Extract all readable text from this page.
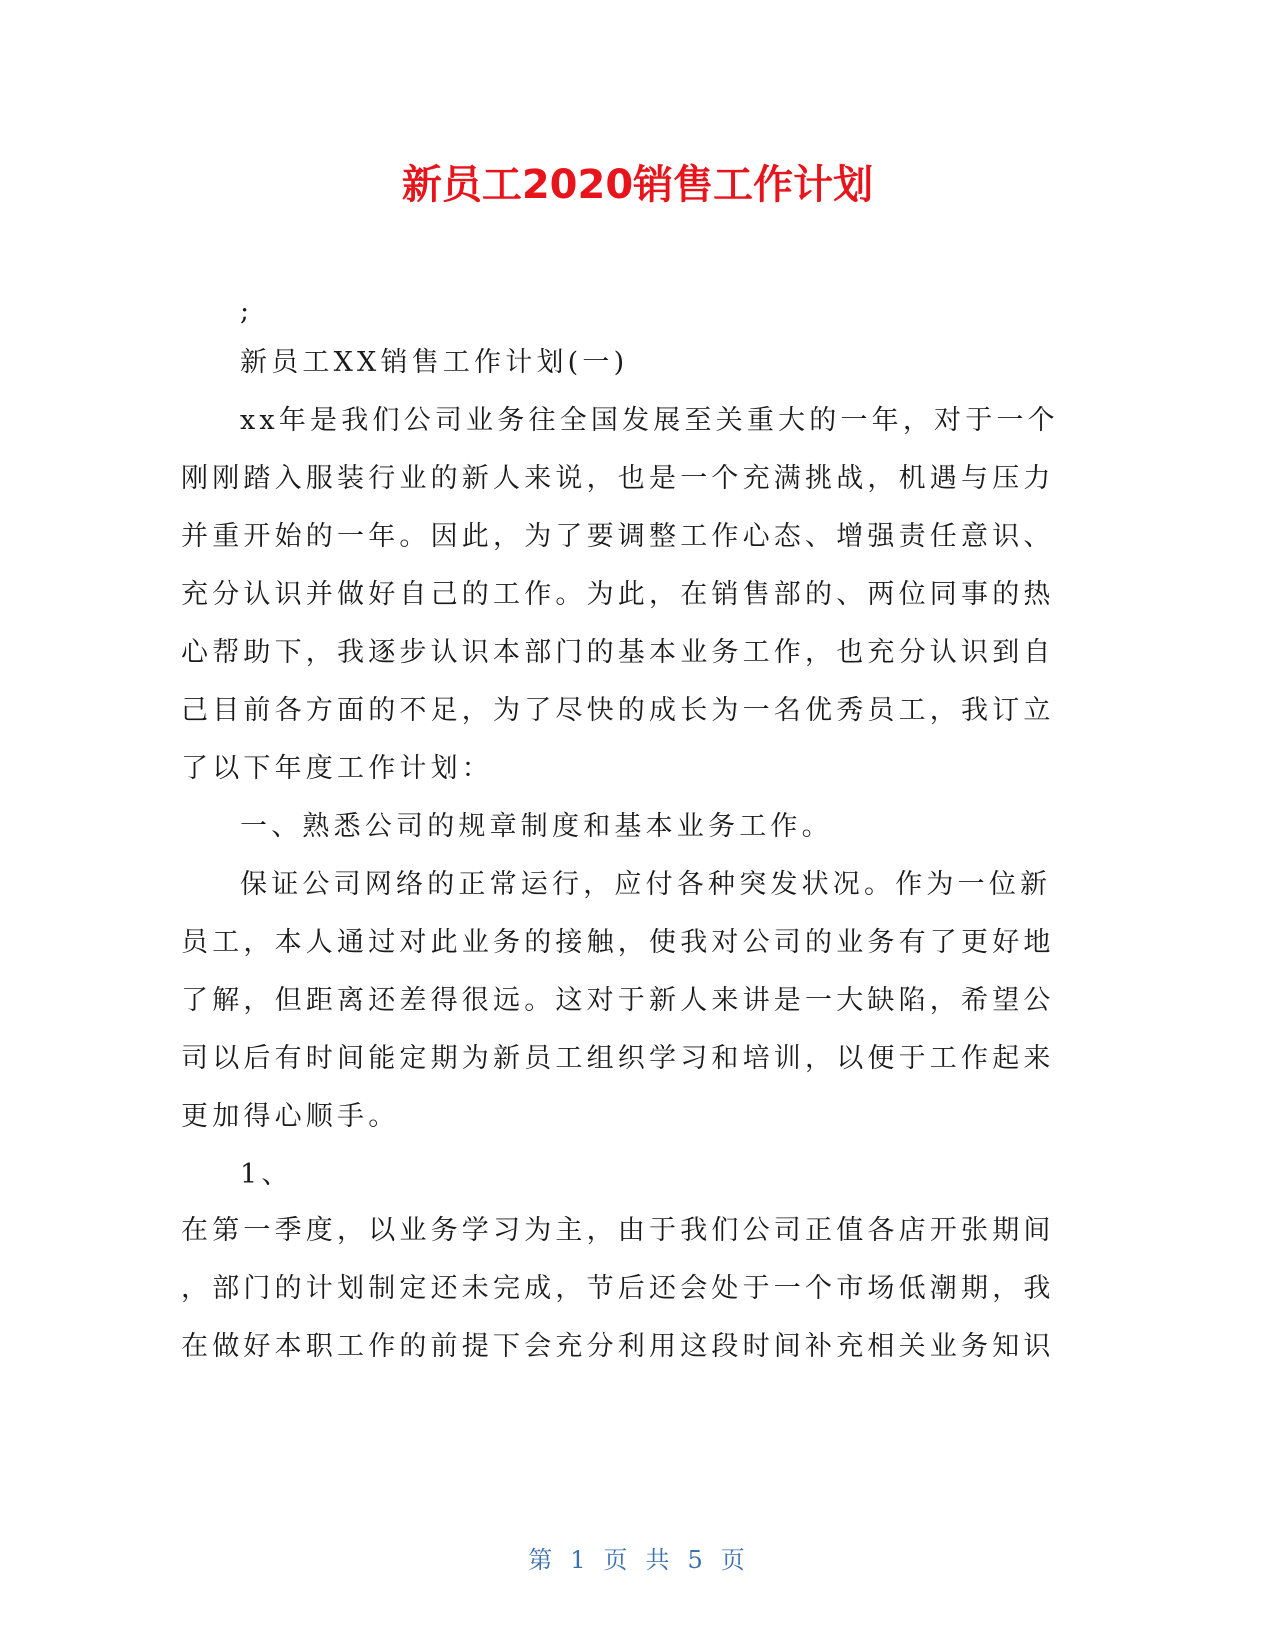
新员工2020销售工作计划
;
新员工XX销售工作计划(一)
xx年是我们公司业务往全国发展至关重大的一年，对于一个
刚刚踏入服装行业的新人来说，也是一个充满挑战，机遇与压力
并重开始的一年。因此，为了要调整工作心态、增强责任意识、
充分认识并做好自己的工作。为此，在销售部的、两位同事的热
心帮助下，我逐步认识本部门的基本业务工作，也充分认识到自
己目前各方面的不足，为了尽快的成长为一名优秀员工，我订立
了以下年度工作计划：
一、熟悉公司的规章制度和基本业务工作。
保证公司网络的正常运行，应付各种突发状况。作为一位新
员工，本人通过对此业务的接触，使我对公司的业务有了更好地
了解，但距离还差得很远。这对于新人来讲是一大缺陷，希望公
司以后有时间能定期为新员工组织学习和培训，以便于工作起来
更加得心顺手。
1、
在第一季度，以业务学习为主，由于我们公司正值各店开张期间
，部门的计划制定还未完成，节后还会处于一个市场低潮期，我
在做好本职工作的前提下会充分利用这段时间补充相关业务知识
第 1 页 共 5 页
